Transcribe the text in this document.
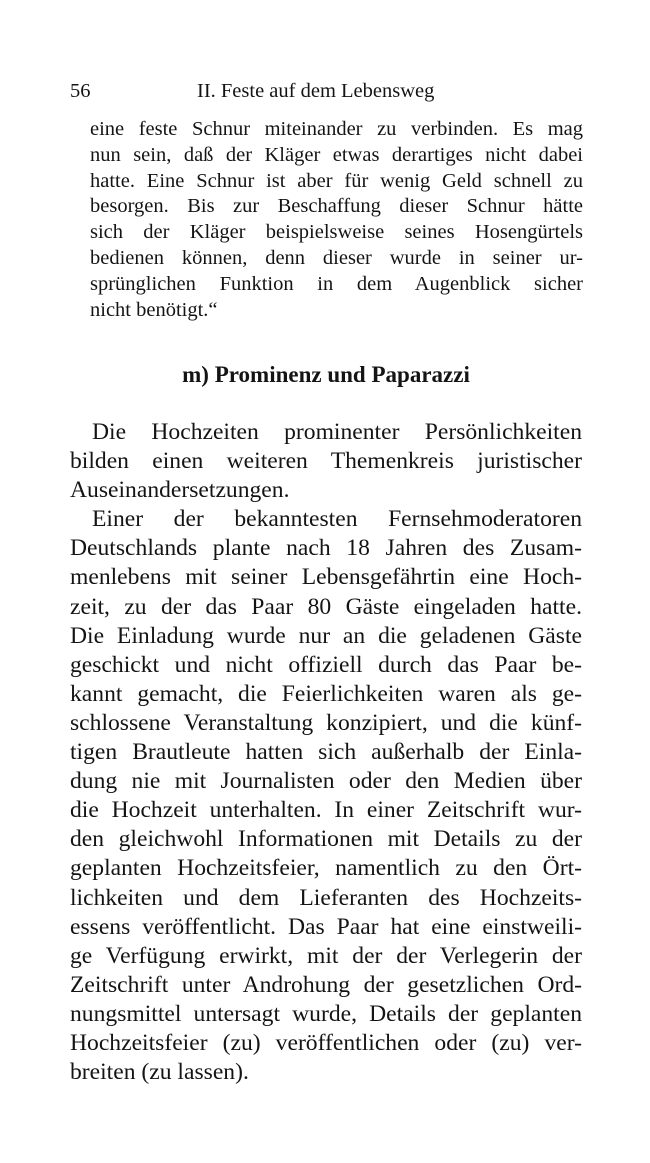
56	II. Feste auf dem Lebensweg
eine feste Schnur miteinander zu verbinden. Es mag
nun sein, daß der Kläger etwas derartiges nicht dabei
hatte. Eine Schnur ist aber für wenig Geld schnell zu
besorgen. Bis zur Beschaffung dieser Schnur hätte
sich der Kläger beispielsweise seines Hosengürtels
bedienen können, denn dieser wurde in seiner ur-
sprünglichen Funktion in dem Augenblick sicher
nicht benötigt.“
m) Prominenz und Paparazzi
Die Hochzeiten prominenter Persönlichkeiten
bilden einen weiteren Themenkreis juristischer
Auseinandersetzungen.
Einer der bekanntesten Fernsehmoderatoren
Deutschlands plante nach 18 Jahren des Zusam-
menlebens mit seiner Lebensgefährtin eine Hoch-
zeit, zu der das Paar 80 Gäste eingeladen hatte.
Die Einladung wurde nur an die geladenen Gäste
geschickt und nicht offiziell durch das Paar be-
kannt gemacht, die Feierlichkeiten waren als ge-
schlossene Veranstaltung konzipiert, und die künf-
tigen Brautleute hatten sich außerhalb der Einla-
dung nie mit Journalisten oder den Medien über
die Hochzeit unterhalten. In einer Zeitschrift wur-
den gleichwohl Informationen mit Details zu der
geplanten Hochzeitsfeier, namentlich zu den Ört-
lichkeiten und dem Lieferanten des Hochzeits-
essens veröffentlicht. Das Paar hat eine einstweili-
ge Verfügung erwirkt, mit der der Verlegerin der
Zeitschrift unter Androhung der gesetzlichen Ord-
nungsmittel untersagt wurde, Details der geplanten
Hochzeitsfeier (zu) veröffentlichen oder (zu) ver-
breiten (zu lassen).
